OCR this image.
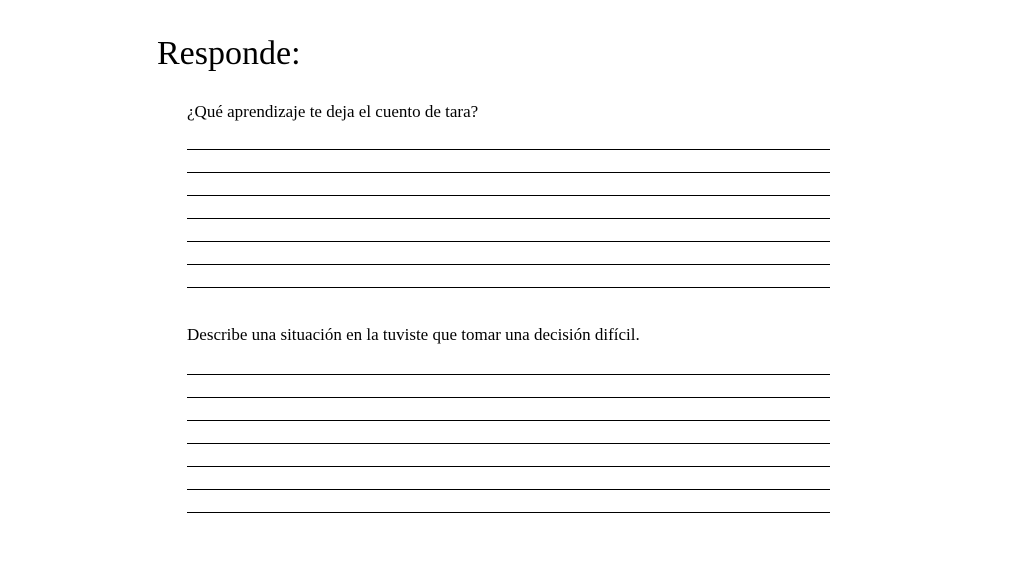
Responde:

¿Qué aprendizaje te deja el cuento de tara?

Describe una situación en la tuviste que tomar una decisión difícil.
